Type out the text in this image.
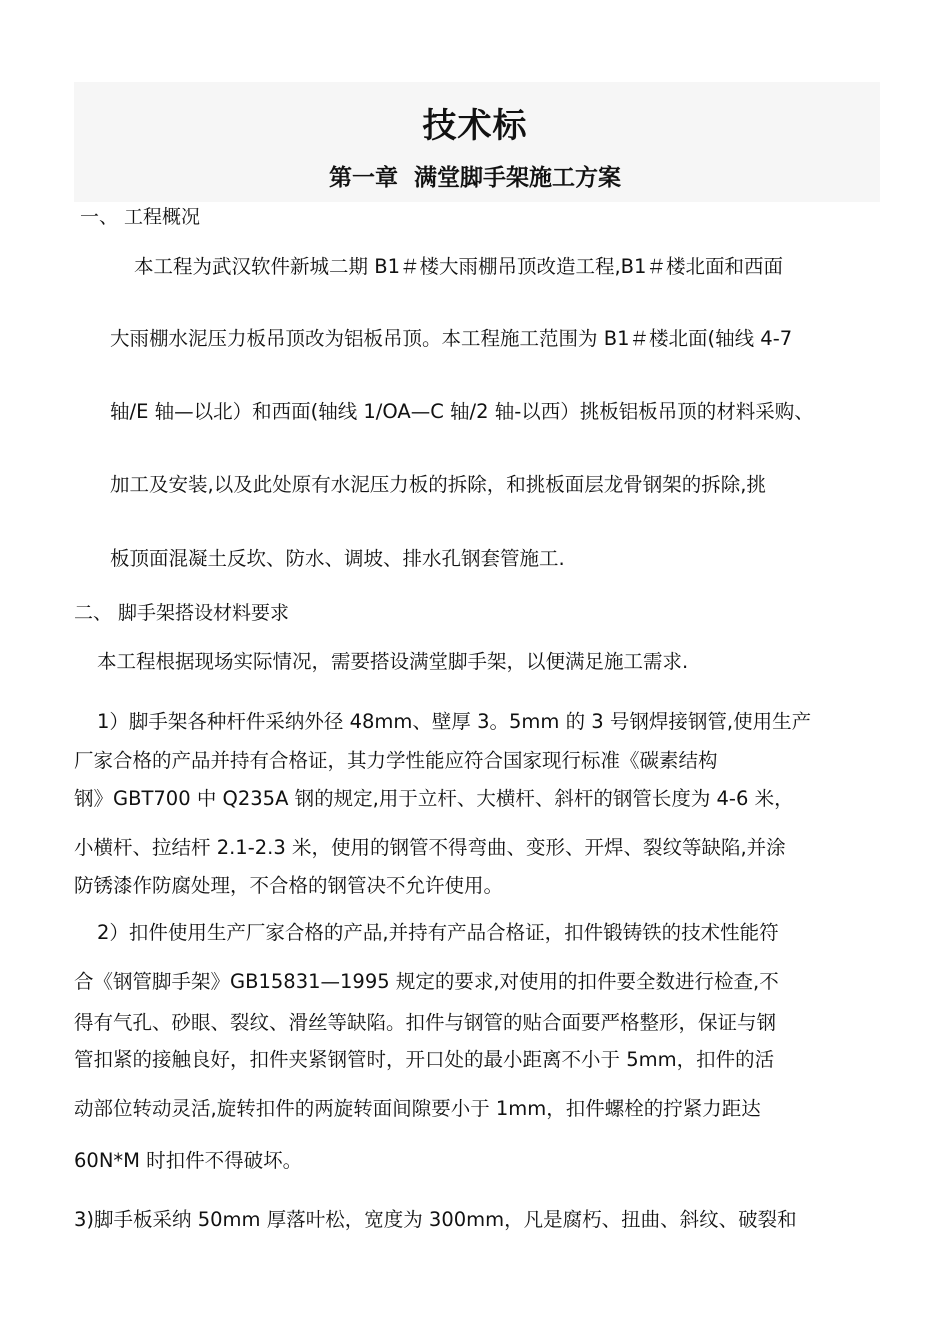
技术标
第一章  满堂脚手架施工方案
一、 工程概况
本工程为武汉软件新城二期 B1＃楼大雨棚吊顶改造工程,B1＃楼北面和西面
大雨棚水泥压力板吊顶改为铝板吊顶。本工程施工范围为 B1＃楼北面(轴线 4-7
轴/E 轴—以北）和西面(轴线 1/OA—C 轴/2 轴-以西）挑板铝板吊顶的材料采购、
加工及安装,以及此处原有水泥压力板的拆除，和挑板面层龙骨钢架的拆除,挑
板顶面混凝土反坎、防水、调坡、排水孔钢套管施工.
二、 脚手架搭设材料要求
本工程根据现场实际情况，需要搭设满堂脚手架，以便满足施工需求.
1）脚手架各种杆件采纳外径 48mm、壁厚 3。5mm 的 3 号钢焊接钢管,使用生产
厂家合格的产品并持有合格证，其力学性能应符合国家现行标准《碳素结构
钢》GBT700 中 Q235A 钢的规定,用于立杆、大横杆、斜杆的钢管长度为 4-6 米，
小横杆、拉结杆 2.1-2.3 米，使用的钢管不得弯曲、变形、开焊、裂纹等缺陷,并涂
防锈漆作防腐处理，不合格的钢管决不允许使用。
2）扣件使用生产厂家合格的产品,并持有产品合格证，扣件锻铸铁的技术性能符
合《钢管脚手架》GB15831—1995 规定的要求,对使用的扣件要全数进行检查,不
得有气孔、砂眼、裂纹、滑丝等缺陷。扣件与钢管的贴合面要严格整形，保证与钢
管扣紧的接触良好，扣件夹紧钢管时，开口处的最小距离不小于 5mm，扣件的活
动部位转动灵活,旋转扣件的两旋转面间隙要小于 1mm，扣件螺栓的拧紧力距达
60N*M 时扣件不得破坏。
3)脚手板采纳 50mm 厚落叶松，宽度为 300mm，凡是腐朽、扭曲、斜纹、破裂和
